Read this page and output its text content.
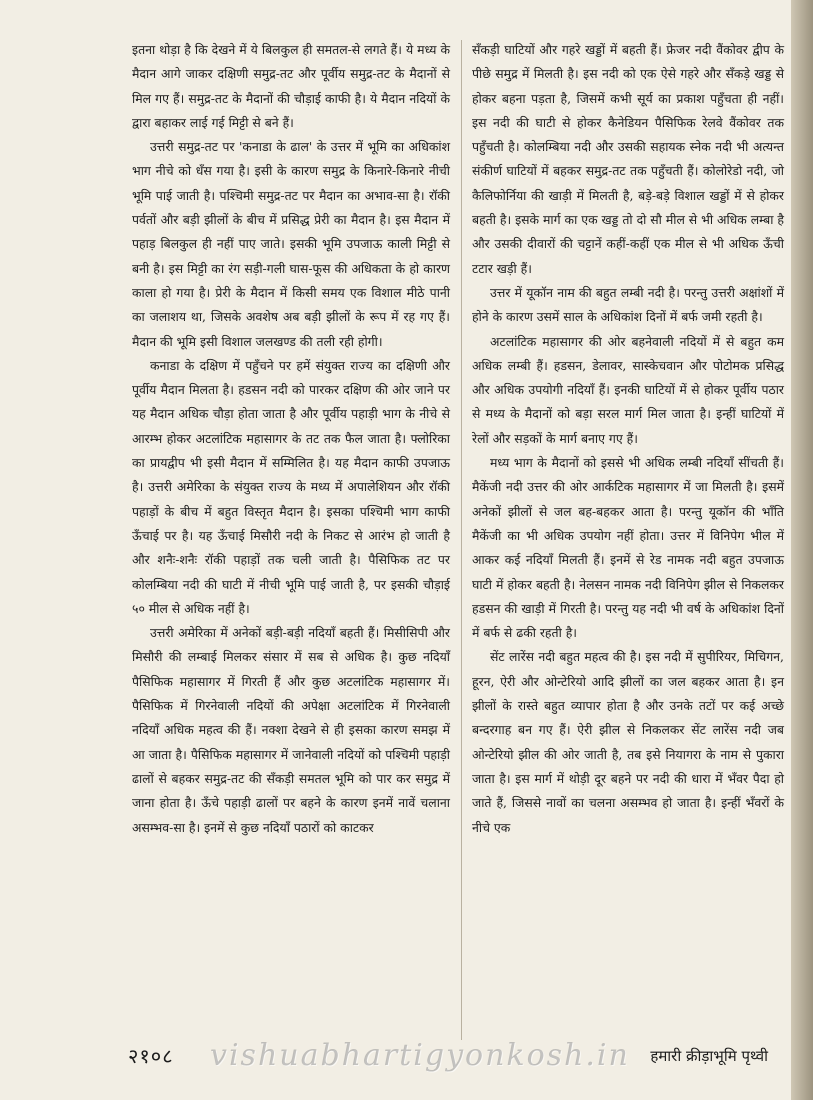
इतना थोड़ा है कि देखने में ये बिलकुल ही समतल-से लगते हैं। ये मध्य के मैदान आगे जाकर दक्षिणी समुद्र-तट और पूर्वीय समुद्र-तट के मैदानों से मिल गए हैं। समुद्र-तट के मैदानों की चौड़ाई काफी है। ये मैदान नदियों के द्वारा बहाकर लाई गई मिट्टी से बने हैं।

उत्तरी समुद्र-तट पर 'कनाडा के ढाल' के उत्तर में भूमि का अधिकांश भाग नीचे को धँस गया है। इसी के कारण समुद्र के किनारे-किनारे नीची भूमि पाई जाती है। पश्चिमी समुद्र-तट पर मैदान का अभाव-सा है। रॉकी पर्वतों और बड़ी झीलों के बीच में प्रसिद्ध प्रेरी का मैदान है। इस मैदान में पहाड़ बिलकुल ही नहीं पाए जाते। इसकी भूमि उपजाऊ काली मिट्टी से बनी है। इस मिट्टी का रंग सड़ी-गली घास-फूस की अधिकता के हो कारण काला हो गया है। प्रेरी के मैदान में किसी समय एक विशाल मीठे पानी का जलाशय था, जिसके अवशेष अब बड़ी झीलों के रूप में रह गए हैं। मैदान की भूमि इसी विशाल जलखण्ड की तली रही होगी।

कनाडा के दक्षिण में पहुँचने पर हमें संयुक्त राज्य का दक्षिणी और पूर्वीय मैदान मिलता है। हडसन नदी को पारकर दक्षिण की ओर जाने पर यह मैदान अधिक चौड़ा होता जाता है और पूर्वीय पहाड़ी भाग के नीचे से आरम्भ होकर अटलांटिक महासागर के तट तक फैल जाता है। फ्लोरिका का प्रायद्वीप भी इसी मैदान में सम्मिलित है। यह मैदान काफी उपजाऊ है। उत्तरी अमेरिका के संयुक्त राज्य के मध्य में अपालेशियन और रॉकी पहाड़ों के बीच में बहुत विस्तृत मैदान है। इसका पश्चिमी भाग काफी ऊँचाई पर है। यह ऊँचाई मिसौरी नदी के निकट से आरंभ हो जाती है और शनैः-शनैः रॉकी पहाड़ों तक चली जाती है। पैसिफिक तट पर कोलम्बिया नदी की घाटी में नीची भूमि पाई जाती है, पर इसकी चौड़ाई ५० मील से अधिक नहीं है।

उत्तरी अमेरिका में अनेकों बड़ी-बड़ी नदियाँ बहती हैं। मिसीसिपी और मिसौरी की लम्बाई मिलकर संसार में सब से अधिक है। कुछ नदियाँ पैसिफिक महासागर में गिरती हैं और कुछ अटलांटिक महासागर में। पैसिफिक में गिरनेवाली नदियों की अपेक्षा अटलांटिक में गिरनेवाली नदियाँ अधिक महत्व की हैं। नक्शा देखने से ही इसका कारण समझ में आ जाता है। पैसिफिक महासागर में जानेवाली नदियों को पश्चिमी पहाड़ी ढालों से बहकर समुद्र-तट की सँकड़ी समतल भूमि को पार कर समुद्र में जाना होता है। ऊँचे पहाड़ी ढालों पर बहने के कारण इनमें नावें चलाना असम्भव-सा है। इनमें से कुछ नदियाँ पठारों को काटकर

सँकड़ी घाटियों और गहरे खड्डों में बहती हैं। फ्रेजर नदी वैंकोवर द्वीप के पीछे समुद्र में मिलती है। इस नदी को एक ऐसे गहरे और सँकड़े खड्ड से होकर बहना पड़ता है, जिसमें कभी सूर्य का प्रकाश पहुँचता ही नहीं। इस नदी की घाटी से होकर कैनेडियन पैसिफिक रेलवे वैंकोवर तक पहुँचती है। कोलम्बिया नदी और उसकी सहायक स्नेक नदी भी अत्यन्त संकीर्ण घाटियों में बहकर समुद्र-तट तक पहुँचती हैं। कोलोरेडो नदी, जो कैलिफोर्निया की खाड़ी में मिलती है, बड़े-बड़े विशाल खड्डों में से होकर बहती है। इसके मार्ग का एक खड्ड तो दो सौ मील से भी अधिक लम्बा है और उसकी दीवारों की चट्टानें कहीं-कहीं एक मील से भी अधिक ऊँची टटार खड़ी हैं।

उत्तर में यूकॉन नाम की बहुत लम्बी नदी है। परन्तु उत्तरी अक्षांशों में होने के कारण उसमें साल के अधिकांश दिनों में बर्फ जमी रहती है।

अटलांटिक महासागर की ओर बहनेवाली नदियों में से बहुत कम अधिक लम्बी हैं। हडसन, डेलावर, सास्केचवान और पोटोमक प्रसिद्ध और अधिक उपयोगी नदियाँ हैं। इनकी घाटियों में से होकर पूर्वीय पठार से मध्य के मैदानों को बड़ा सरल मार्ग मिल जाता है। इन्हीं घाटियों में रेलों और सड़कों के मार्ग बनाए गए हैं।

मध्य भाग के मैदानों को इससे भी अधिक लम्बी नदियाँ सींचती हैं। मैकेंजी नदी उत्तर की ओर आर्कटिक महासागर में जा मिलती है। इसमें अनेकों झीलों से जल बह-बहकर आता है। परन्तु यूकॉन की भाँति मैकेंजी का भी अधिक उपयोग नहीं होता। उत्तर में विनिपेग भील में आकर कई नदियाँ मिलती हैं। इनमें से रेड नामक नदी बहुत उपजाऊ घाटी में होकर बहती है। नेलसन नामक नदी विनिपेग झील से निकलकर हडसन की खाड़ी में गिरती है। परन्तु यह नदी भी वर्ष के अधिकांश दिनों में बर्फ से ढकी रहती है।

सेंट लारेंस नदी बहुत महत्व की है। इस नदी में सुपीरियर, मिचिगन, हूरन, ऐरी और ओन्टेरियो आदि झीलों का जल बहकर आता है। इन झीलों के रास्ते बहुत व्यापार होता है और उनके तटों पर कई अच्छे बन्दरगाह बन गए हैं। ऐरी झील से निकलकर सेंट लारेंस नदी जब ओन्टेरियो झील की ओर जाती है, तब इसे नियागरा के नाम से पुकारा जाता है। इस मार्ग में थोड़ी दूर बहने पर नदी की धारा में भँवर पैदा हो जाते हैं, जिससे नावों का चलना असम्भव हो जाता है। इन्हीं भँवरों के नीचे एक

२१०८ vishuabhartigyonkosh.in हमारी क्रीड़ाभूमि पृथ्वी
